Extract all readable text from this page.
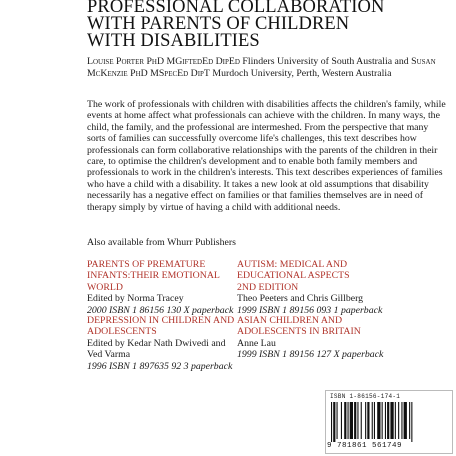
PROFESSIONAL COLLABORATION
WITH PARENTS OF CHILDREN
WITH DISABILITIES
Louise Porter PhD MGiftedEd DipEd Flinders University of South Australia and Susan McKenzie PhD MSpecEd DipT Murdoch University, Perth, Western Australia

The work of professionals with children with disabilities affects the children's family, while events at home affect what professionals can achieve with the children. In many ways, the child, the family, and the professional are intermeshed. From the perspective that many sorts of families can successfully overcome life's challenges, this text describes how professionals can form collaborative relationships with the parents of the children in their care, to optimise the children's development and to enable both family members and professionals to work in the children's interests. This text describes experiences of families who have a child with a disability. It takes a new look at old assumptions that disability necessarily has a negative effect on families or that families themselves are in need of therapy simply by virtue of having a child with additional needs.

Also available from Whurr Publishers
PARENTS OF PREMATURE
INFANTS:THEIR EMOTIONAL
WORLD
Edited by Norma Tracey
2000 ISBN 1 86156 130 X paperback
AUTISM: MEDICAL AND
EDUCATIONAL ASPECTS
2ND EDITION
Theo Peeters and Chris Gillberg
1999 ISBN 1 89156 093 1 paperback
DEPRESSION IN CHILDREN AND
ADOLESCENTS
Edited by Kedar Nath Dwivedi and
Ved Varma
1996 ISBN 1 897635 92 3 paperback
ASIAN CHILDREN AND
ADOLESCENTS IN BRITAIN
Anne Lau
1999 ISBN 1 89156 127 X paperback
ISBN 1-86156-174-1
9 781861 561749
